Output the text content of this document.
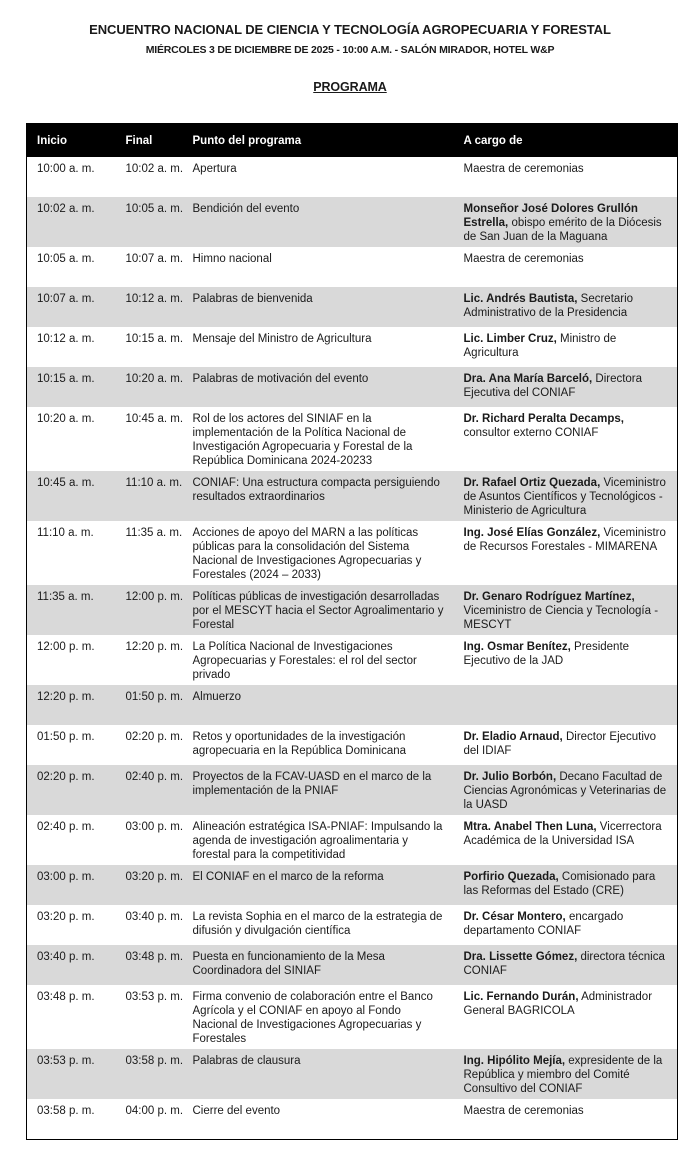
ENCUENTRO NACIONAL DE CIENCIA Y TECNOLOGÍA AGROPECUARIA Y FORESTAL
MIÉRCOLES 3 DE DICIEMBRE DE 2025 - 10:00 A.M. - SALÓN MIRADOR, HOTEL W&P
PROGRAMA
Inicio	Final	Punto del programa	A cargo de
10:00 a. m.	10:02 a. m.	Apertura	Maestra de ceremonias
10:02 a. m.	10:05 a. m.	Bendición del evento	Monseñor José Dolores Grullón Estrella, obispo emérito de la Diócesis de San Juan de la Maguana
10:05 a. m.	10:07 a. m.	Himno nacional	Maestra de ceremonias
10:07 a. m.	10:12 a. m.	Palabras de bienvenida	Lic. Andrés Bautista, Secretario Administrativo de la Presidencia
10:12 a. m.	10:15 a. m.	Mensaje del Ministro de Agricultura	Lic. Limber Cruz, Ministro de Agricultura
10:15 a. m.	10:20 a. m.	Palabras de motivación del evento	Dra. Ana María Barceló, Directora Ejecutiva del CONIAF
10:20 a. m.	10:45 a. m.	Rol de los actores del SINIAF en la implementación de la Política Nacional de Investigación Agropecuaria y Forestal de la República Dominicana 2024-20233	Dr. Richard Peralta Decamps, consultor externo CONIAF
10:45 a. m.	11:10 a. m.	CONIAF: Una estructura compacta persiguiendo resultados extraordinarios	Dr. Rafael Ortiz Quezada, Viceministro de Asuntos Científicos y Tecnológicos - Ministerio de Agricultura
11:10 a. m.	11:35 a. m.	Acciones de apoyo del MARN a las políticas públicas para la consolidación del Sistema Nacional de Investigaciones Agropecuarias y Forestales (2024 – 2033)	Ing. José Elías González, Viceministro de Recursos Forestales - MIMARENA
11:35 a. m.	12:00 p. m.	Políticas públicas de investigación desarrolladas por el MESCYT hacia el Sector Agroalimentario y Forestal	Dr. Genaro Rodríguez Martínez, Viceministro de Ciencia y Tecnología - MESCYT
12:00 p. m.	12:20 p. m.	La Política Nacional de Investigaciones Agropecuarias y Forestales: el rol del sector privado	Ing. Osmar Benítez, Presidente Ejecutivo de la JAD
12:20 p. m.	01:50 p. m.	Almuerzo	
01:50 p. m.	02:20 p. m.	Retos y oportunidades de la investigación agropecuaria en la República Dominicana	Dr. Eladio Arnaud, Director Ejecutivo del IDIAF
02:20 p. m.	02:40 p. m.	Proyectos de la FCAV-UASD en el marco de la implementación de la PNIAF	Dr. Julio Borbón, Decano Facultad de Ciencias Agronómicas y Veterinarias de la UASD
02:40 p. m.	03:00 p. m.	Alineación estratégica ISA-PNIAF: Impulsando la agenda de investigación agroalimentaria y forestal para la competitividad	Mtra. Anabel Then Luna, Vicerrectora Académica de la Universidad ISA
03:00 p. m.	03:20 p. m.	El CONIAF en el marco de la reforma	Porfirio Quezada, Comisionado para las Reformas del Estado (CRE)
03:20 p. m.	03:40 p. m.	La revista Sophia en el marco de la estrategia de difusión y divulgación científica	Dr. César Montero, encargado departamento CONIAF
03:40 p. m.	03:48 p. m.	Puesta en funcionamiento de la Mesa Coordinadora del SINIAF	Dra. Lissette Gómez, directora técnica CONIAF
03:48 p. m.	03:53 p. m.	Firma convenio de colaboración entre el Banco Agrícola y el CONIAF en apoyo al Fondo Nacional de Investigaciones Agropecuarias y Forestales	Lic. Fernando Durán, Administrador General BAGRICOLA
03:53 p. m.	03:58 p. m.	Palabras de clausura	Ing. Hipólito Mejía, expresidente de la República y miembro del Comité Consultivo del CONIAF
03:58 p. m.	04:00 p. m.	Cierre del evento	Maestra de ceremonias
